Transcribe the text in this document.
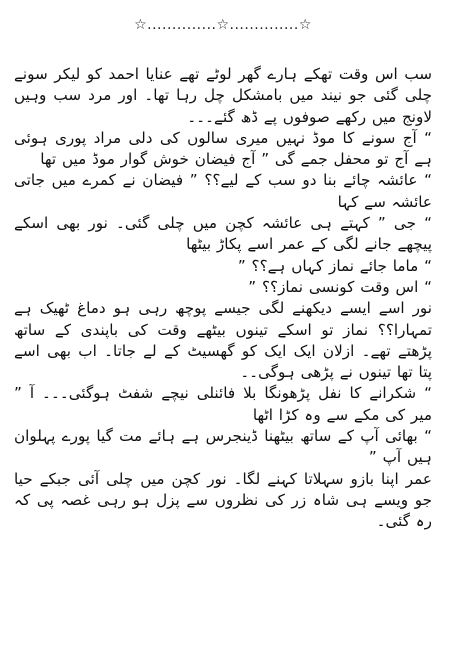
☆..............☆..............☆

سب اس وقت تھکے ہارے گھر لوٹے تھے عنایا احمد کو لیکر سونے چلی گئی جو نیند میں بامشکل چل رہا تھا۔ اور مرد سب وہیں لاونج میں رکھے صوفوں پے ڈھ گئے۔۔۔

“ آج سونے کا موڈ نہیں میری سالوں کی دلی مراد پوری ہوئی ہے آج تو محفل جمے گی ” آج فیضان خوش گوار موڈ میں تھا

“ عائشہ چائے بنا دو سب کے لیے؟؟ ” فیضان نے کمرے میں جاتی عائشہ سے کہا

“ جی ” کہتے ہی عائشہ کچن میں چلی گئی۔ نور بھی اسکے پیچھے جانے لگی کے عمر اسے پکاڑ بیٹھا

“ ماما جائے نماز کہاں ہے؟؟ ”

“ اس وقت کونسی نماز؟؟ ”

نور اسے ایسے دیکھنے لگی جیسے پوچھ رہی ہو دماغ ٹھیک ہے تمہارا؟؟ نماز تو اسکے تینوں بیٹھے وقت کی باپندی کے ساتھ پڑھتے تھے۔ ازلان ایک ایک کو گھسیٹ کے لے جاتا۔ اب بھی اسے پتا تھا تینوں نے پڑھی ہوگی۔۔

“ شکرانے کا نفل پڑھونگا بلا فائنلی نیچے شفٹ ہوگئی۔۔۔ آ ” میر کی مکے سے وہ کڑا اٹھا

“ بھائی آپ کے ساتھ بیٹھنا ڈینجرس ہے ہائے مت گیا پورے پہلوان ہیں آپ ”

عمر اپنا بازو سہلاتا کہنے لگا۔ نور کچن میں چلی آئی جبکے حیا جو ویسے ہی شاہ زر کی نظروں سے پزل ہو رہی غصہ پی کہ رہ گئی۔
